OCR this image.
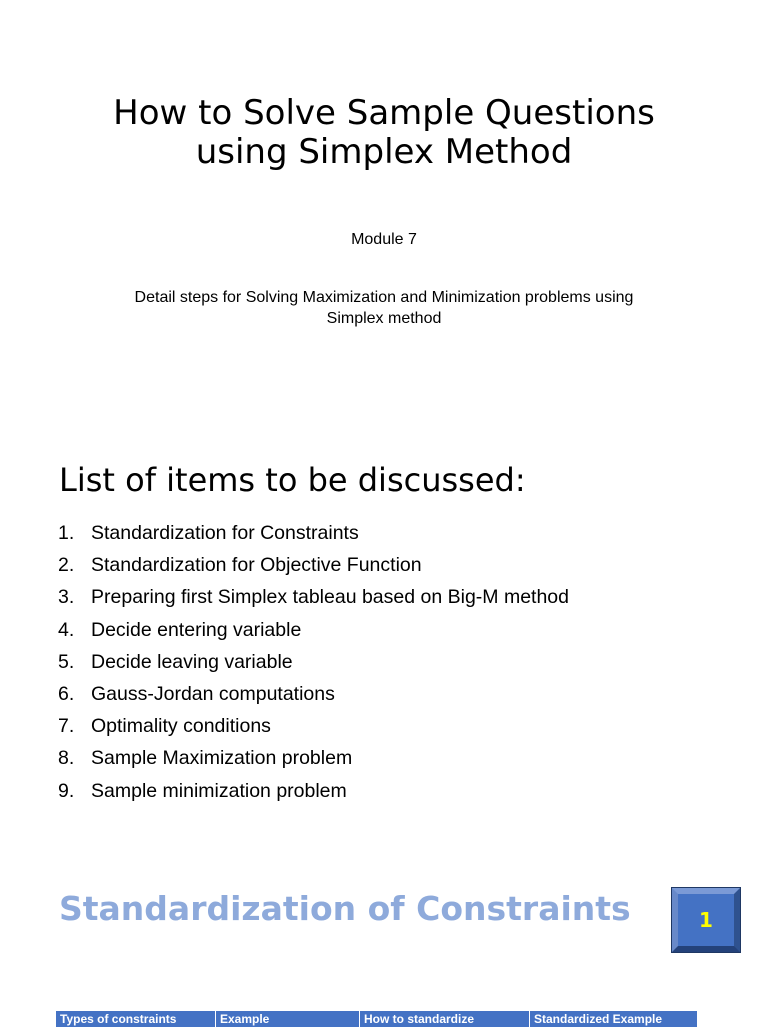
How to Solve Sample Questions
using Simplex Method
Module 7
Detail steps for Solving Maximization and Minimization problems using Simplex method
List of items to be discussed:
1. Standardization for Constraints
2. Standardization for Objective Function
3. Preparing first Simplex tableau based on Big-M method
4. Decide entering variable
5. Decide leaving variable
6. Gauss-Jordan computations
7. Optimality conditions
8. Sample Maximization problem
9. Sample minimization problem
Standardization of Constraints	1
Types of constraints	Example	How to standardize	Standardized Example
